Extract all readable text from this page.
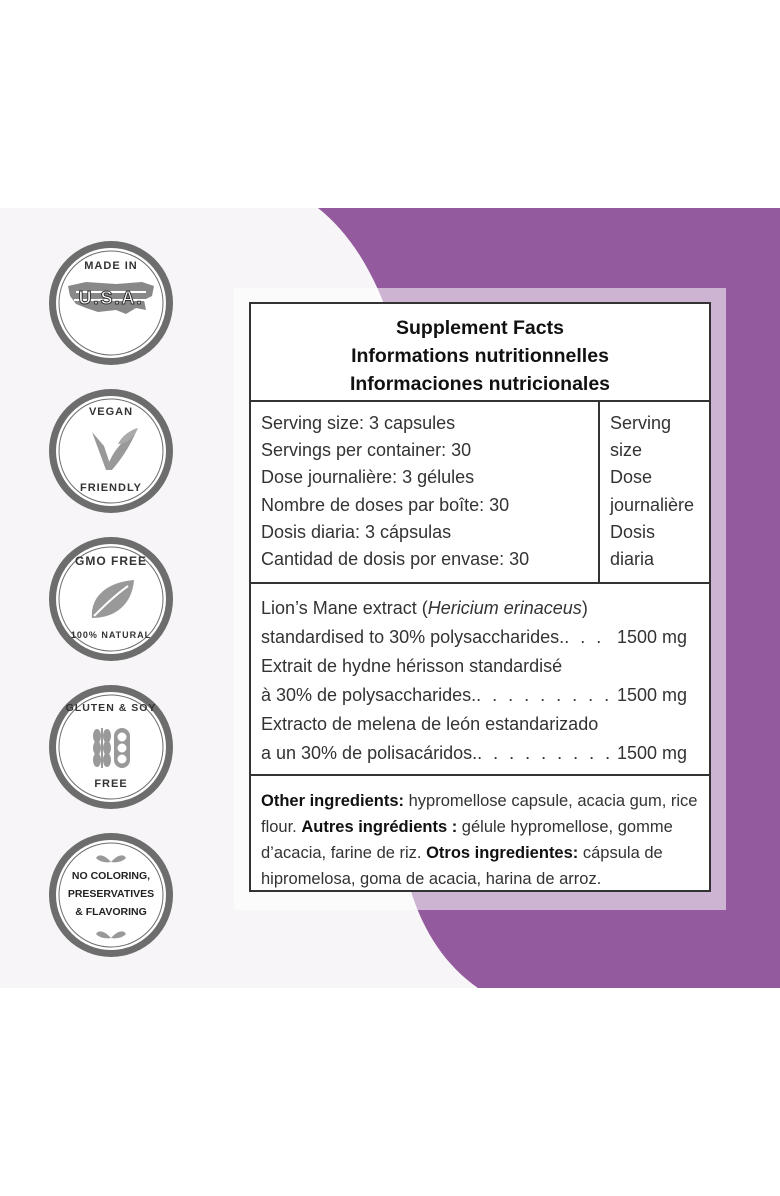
MADE IN
U.S.A.
VEGAN
FRIENDLY
GMO FREE
100% NATURAL
GLUTEN & SOY
FREE
NO COLORING,
PRESERVATIVES
& FLAVORING
Supplement Facts
Informations nutritionnelles
Informaciones nutricionales
Serving size: 3 capsules
Servings per container: 30
Dose journalière: 3 gélules
Nombre de doses par boîte: 30
Dosis diaria: 3 cápsulas
Cantidad de dosis por envase: 30
Serving
size
Dose
journalière
Dosis
diaria
Lion’s Mane extract (Hericium erinaceus)
standardised to 30% polysaccharides. . . .	1500 mg
Extrait de hydne hérisson standardisé
à 30% de polysaccharides. . . .	1500 mg
Extracto de melena de león estandarizado
a un 30% de polisacáridos. . . .	1500 mg
Other ingredients: hypromellose capsule, acacia gum, rice flour. Autres ingrédients : gélule hypromellose, gomme d’acacia, farine de riz. Otros ingredientes: cápsula de hipromelosa, goma de acacia, harina de arroz.
